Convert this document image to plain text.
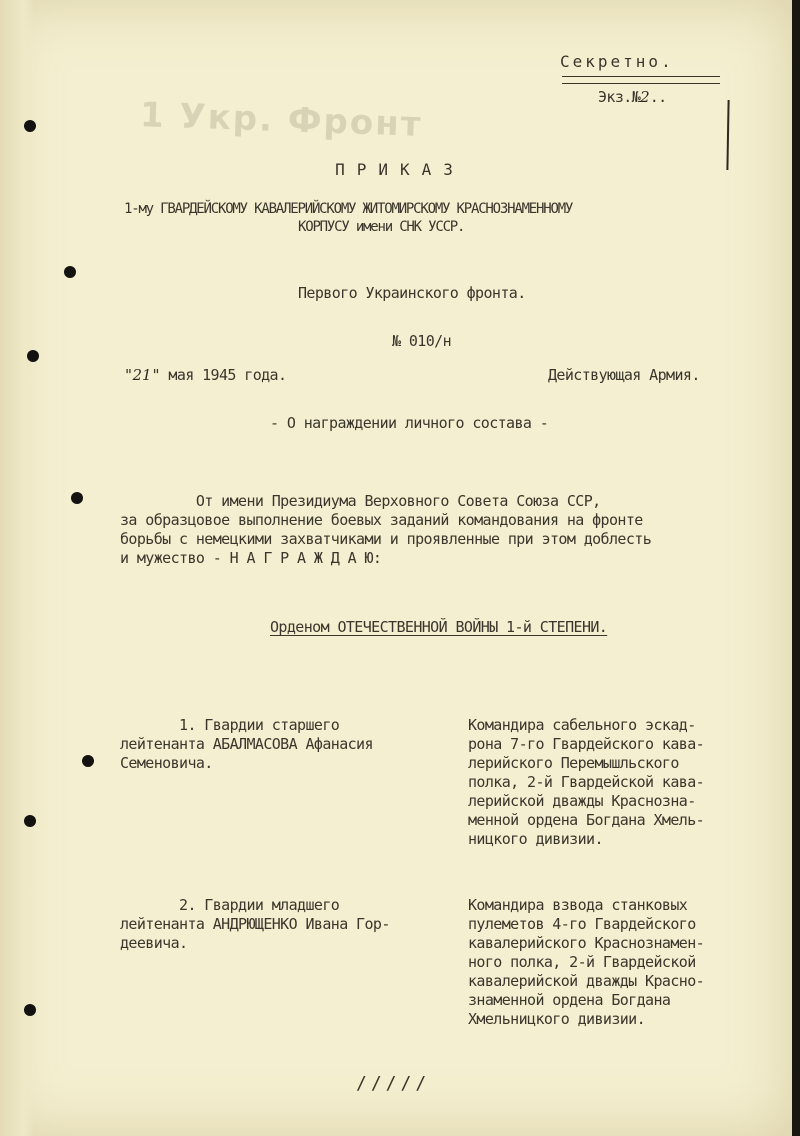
1 Укр. Фронт
Секретно.
Экз.№2..
ПРИКАЗ
1-му ГВАРДЕЙСКОМУ КАВАЛЕРИЙСКОМУ ЖИТОМИРСКОМУ КРАСНОЗНАМЕННОМУ
КОРПУСУ имени СНК УССР.
Первого Украинского фронта.
№ 010/н
"21" мая 1945 года.	Действующая Армия.
- О награждении личного состава -
От имени Президиума Верховного Совета Союза ССР,
за образцовое выполнение боевых заданий командования на фронте
борьбы с немецкими захватчиками и проявленные при этом доблесть
и мужество - Н А Г Р А Ж Д А Ю:
Орденом ОТЕЧЕСТВЕННОЙ ВОЙНЫ 1-й СТЕПЕНИ.
1. Гвардии старшего
лейтенанта АБАЛМАСОВА Афанасия
Семеновича.
Командира сабельного эскад-
рона 7-го Гвардейского кава-
лерийского Перемышльского
полка, 2-й Гвардейской кава-
лерийской дважды Краснозна-
менной ордена Богдана Хмель-
ницкого дивизии.
2. Гвардии младшего
лейтенанта АНДРЮЩЕНКО Ивана Гор-
деевича.
Командира взвода станковых
пулеметов 4-го Гвардейского
кавалерийского Краснознамен-
ного полка, 2-й Гвардейской
кавалерийской дважды Красно-
знаменной ордена Богдана
Хмельницкого дивизии.
/////
